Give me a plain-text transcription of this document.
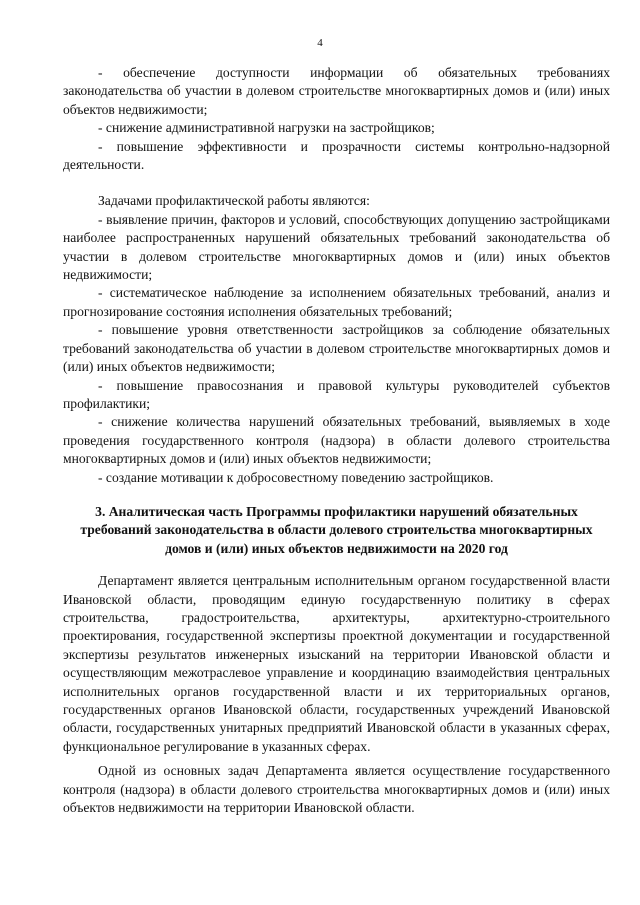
4

- обеспечение доступности информации об обязательных требованиях законодательства об участии в долевом строительстве многоквартирных домов и (или) иных объектов недвижимости;

- снижение административной нагрузки на застройщиков;

- повышение эффективности и прозрачности системы контрольно-надзорной деятельности.

Задачами профилактической работы являются:

- выявление причин, факторов и условий, способствующих допущению застройщиками наиболее распространенных нарушений обязательных требований законодательства об участии в долевом строительстве многоквартирных домов и (или) иных объектов недвижимости;

- систематическое наблюдение за исполнением обязательных требований, анализ и прогнозирование состояния исполнения обязательных требований;

- повышение уровня ответственности застройщиков за соблюдение обязательных требований законодательства об участии в долевом строительстве многоквартирных домов и (или) иных объектов недвижимости;

- повышение правосознания и правовой культуры руководителей субъектов профилактики;

- снижение количества нарушений обязательных требований, выявляемых в ходе проведения государственного контроля (надзора) в области долевого строительства многоквартирных домов и (или) иных объектов недвижимости;

- создание мотивации к добросовестному поведению застройщиков.

3. Аналитическая часть Программы профилактики нарушений обязательных требований законодательства в области долевого строительства многоквартирных домов и (или) иных объектов недвижимости на 2020 год

Департамент является центральным исполнительным органом государственной власти Ивановской области, проводящим единую государственную политику в сферах строительства, градостроительства, архитектуры, архитектурно-строительного проектирования, государственной экспертизы проектной документации и государственной экспертизы результатов инженерных изысканий на территории Ивановской области и осуществляющим межотраслевое управление и координацию взаимодействия центральных исполнительных органов государственной власти и их территориальных органов, государственных органов Ивановской области, государственных учреждений Ивановской области, государственных унитарных предприятий Ивановской области в указанных сферах, функциональное регулирование в указанных сферах.

Одной из основных задач Департамента является осуществление государственного контроля (надзора) в области долевого строительства многоквартирных домов и (или) иных объектов недвижимости на территории Ивановской области.
